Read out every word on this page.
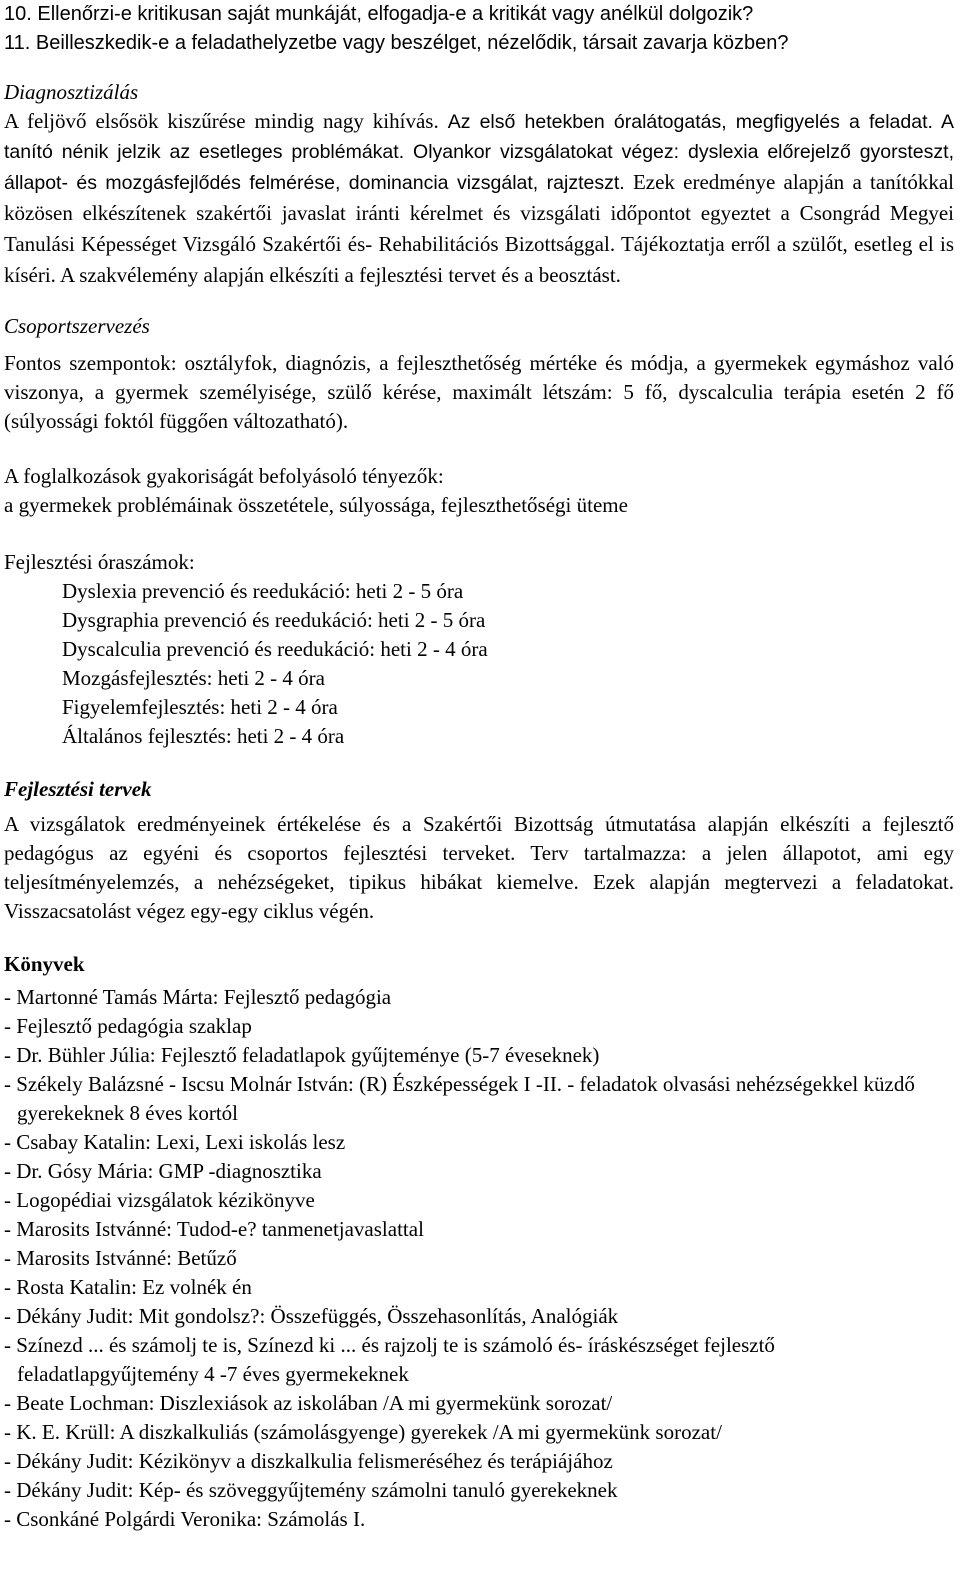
10. Ellenőrzi-e kritikusan saját munkáját, elfogadja-e a kritikát vagy anélkül dolgozik?
11. Beilleszkedik-e a feladathelyzetbe vagy beszélget, nézelődik, társait zavarja közben?
Diagnosztizálás
A feljövő elsősök kiszűrése mindig nagy kihívás. Az első hetekben óralátogatás, megfigyelés a feladat. A tanító nénik jelzik az esetleges problémákat. Olyankor vizsgálatokat végez: dyslexia előrejelző gyorsteszt, állapot- és mozgásfejlődés felmérése, dominancia vizsgálat, rajzteszt. Ezek eredménye alapján a tanítókkal közösen elkészítenek szakértői javaslat iránti kérelmet és vizsgálati időpontot egyeztet a Csongrád Megyei Tanulási Képességet Vizsgáló Szakértői és- Rehabilitációs Bizottsággal. Tájékoztatja erről a szülőt, esetleg el is kíséri. A szakvélemény alapján elkészíti a fejlesztési tervet és a beosztást.
Csoportszervezés
Fontos szempontok: osztályfok, diagnózis, a fejleszthetőség mértéke és módja, a gyermekek egymáshoz való viszonya, a gyermek személyisége, szülő kérése, maximált létszám: 5 fő, dyscalculia terápia esetén 2 fő (súlyossági foktól függően változatható).
A foglalkozások gyakoriságát befolyásoló tényezők:
a gyermekek problémáinak összetétele, súlyossága, fejleszthetőségi üteme
Fejlesztési óraszámok:
Dyslexia prevenció és reedukáció: heti 2 - 5 óra
Dysgraphia prevenció és reedukáció: heti 2 - 5 óra
Dyscalculia prevenció és reedukáció: heti 2 - 4 óra
Mozgásfejlesztés: heti 2 - 4 óra
Figyelemfejlesztés: heti 2 - 4 óra
Általános fejlesztés: heti 2 - 4 óra
Fejlesztési tervek
A vizsgálatok eredményeinek értékelése és a Szakértői Bizottság útmutatása alapján elkészíti a fejlesztő pedagógus az egyéni és csoportos fejlesztési terveket. Terv tartalmazza: a jelen állapotot, ami egy teljesítményelemzés, a nehézségeket, tipikus hibákat kiemelve. Ezek alapján megtervezi a feladatokat. Visszacsatolást végez egy-egy ciklus végén.
Könyvek
- Martonné Tamás Márta: Fejlesztő pedagógia
- Fejlesztő pedagógia szaklap
- Dr. Bühler Júlia: Fejlesztő feladatlapok gyűjteménye (5-7 éveseknek)
- Székely Balázsné - Iscsu Molnár István: (R) Észképességek I -II. - feladatok olvasási nehézségekkel küzdő gyerekeknek 8 éves kortól
- Csabay Katalin: Lexi, Lexi iskolás lesz
- Dr. Gósy Mária: GMP -diagnosztika
- Logopédiai vizsgálatok kézikönyve
- Marosits Istvánné: Tudod-e? tanmenetjavaslattal
- Marosits Istvánné: Betűző
- Rosta Katalin: Ez volnék én
- Dékány Judit: Mit gondolsz?: Összefüggés, Összehasonlítás, Analógiák
- Színezd ... és számolj te is, Színezd ki ... és rajzolj te is számoló és- íráskészséget fejlesztő feladatlapgyűjtemény 4 -7 éves gyermekeknek
- Beate Lochman: Diszlexiások az iskolában /A mi gyermekünk sorozat/
- K. E. Krüll: A diszkalkuliás (számolásgyenge) gyerekek /A mi gyermekünk sorozat/
- Dékány Judit: Kézikönyv a diszkalkulia felismeréséhez és terápiájához
- Dékány Judit: Kép- és szöveggyűjtemény számolni tanuló gyerekeknek
- Csonkáné Polgárdi Veronika: Számolás I.
